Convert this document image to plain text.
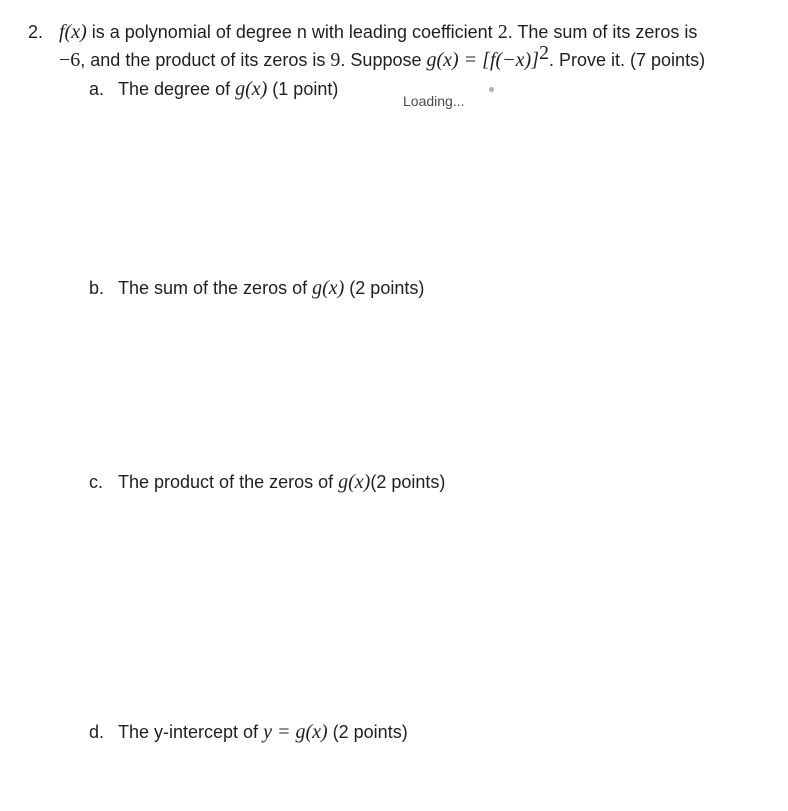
2. f(x) is a polynomial of degree n with leading coefficient 2. The sum of its zeros is
−6, and the product of its zeros is 9. Suppose $g(x) = [f(-x)]^2$. Prove it. (7 points)
a. The degree of g(x) (1 point)
Loading...
b. The sum of the zeros of g(x) (2 points)
c. The product of the zeros of g(x)(2 points)
d. The y-intercept of y = g(x) (2 points)
